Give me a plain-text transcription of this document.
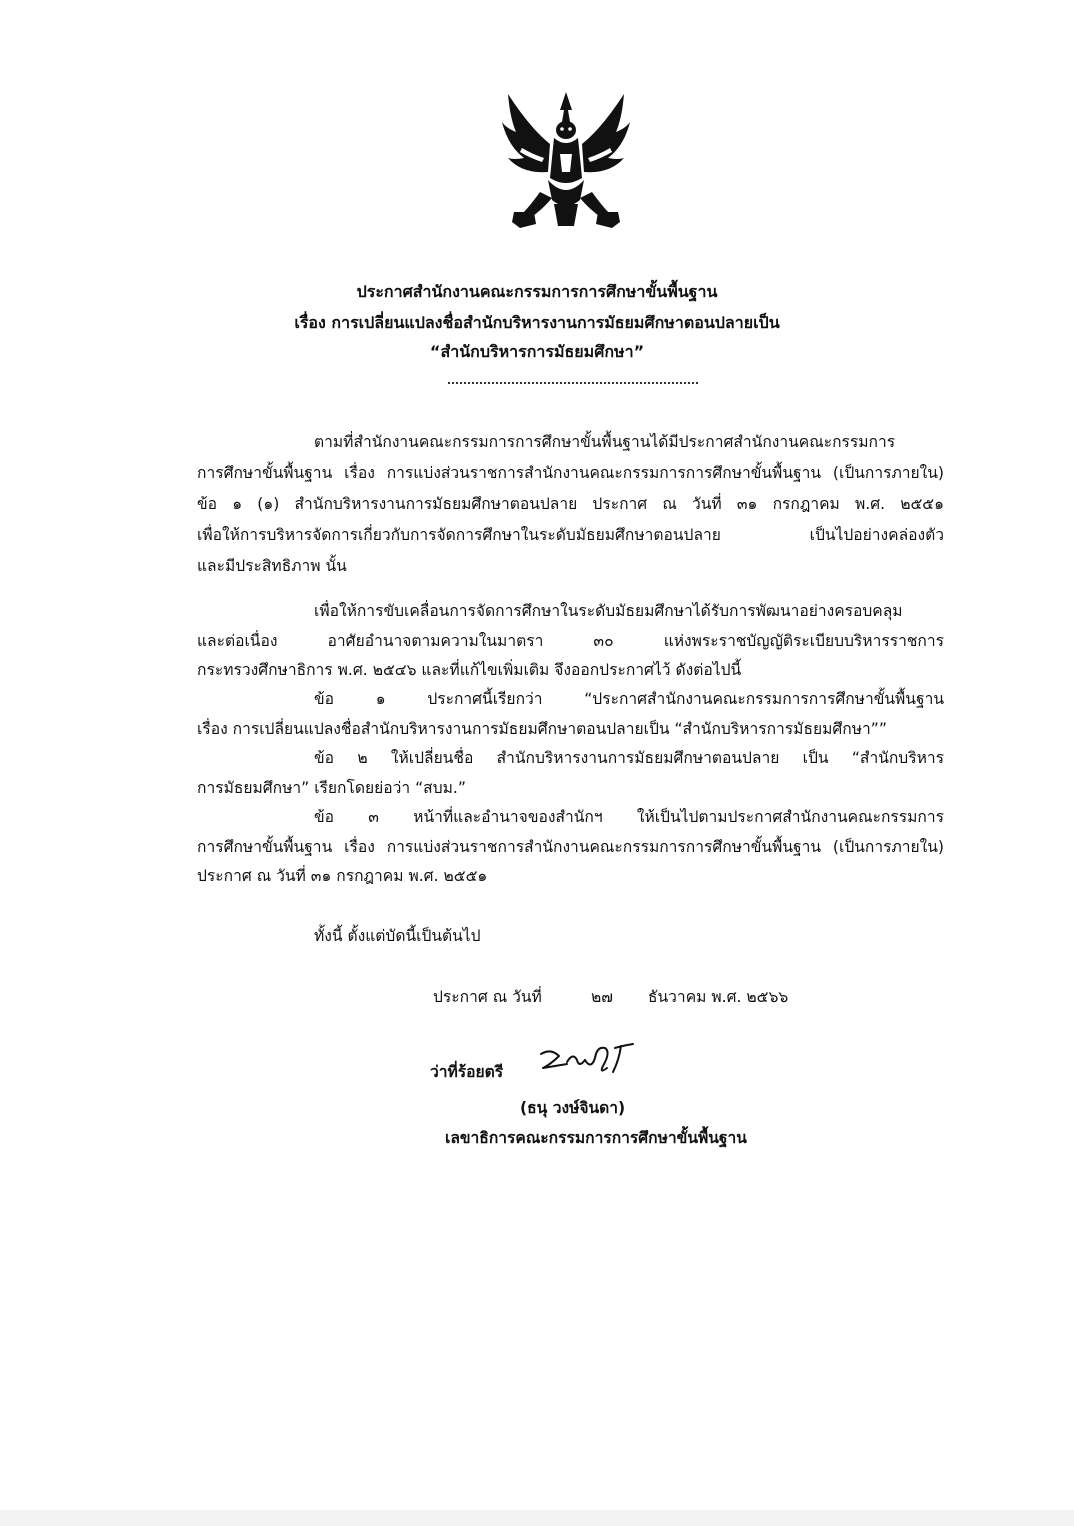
ประกาศสำนักงานคณะกรรมการการศึกษาขั้นพื้นฐาน
เรื่อง การเปลี่ยนแปลงชื่อสำนักบริหารงานการมัธยมศึกษาตอนปลายเป็น
“สำนักบริหารการมัธยมศึกษา”
ตามที่สำนักงานคณะกรรมการการศึกษาขั้นพื้นฐานได้มีประกาศสำนักงานคณะกรรมการ
การศึกษาขั้นพื้นฐาน เรื่อง การแบ่งส่วนราชการสำนักงานคณะกรรมการการศึกษาขั้นพื้นฐาน (เป็นการภายใน)
ข้อ ๑ (๑) สำนักบริหารงานการมัธยมศึกษาตอนปลาย ประกาศ ณ วันที่ ๓๑ กรกฎาคม พ.ศ. ๒๕๕๑
เพื่อให้การบริหารจัดการเกี่ยวกับการจัดการศึกษาในระดับมัธยมศึกษาตอนปลาย เป็นไปอย่างคล่องตัว
และมีประสิทธิภาพ นั้น
เพื่อให้การขับเคลื่อนการจัดการศึกษาในระดับมัธยมศึกษาได้รับการพัฒนาอย่างครอบคลุม
และต่อเนื่อง อาศัยอำนาจตามความในมาตรา ๓๐ แห่งพระราชบัญญัติระเบียบบริหารราชการ
กระทรวงศึกษาธิการ พ.ศ. ๒๕๔๖ และที่แก้ไขเพิ่มเติม จึงออกประกาศไว้ ดังต่อไปนี้
ข้อ ๑ ประกาศนี้เรียกว่า “ประกาศสำนักงานคณะกรรมการการศึกษาขั้นพื้นฐาน
เรื่อง การเปลี่ยนแปลงชื่อสำนักบริหารงานการมัธยมศึกษาตอนปลายเป็น “สำนักบริหารการมัธยมศึกษา””
ข้อ ๒ ให้เปลี่ยนชื่อ สำนักบริหารงานการมัธยมศึกษาตอนปลาย เป็น “สำนักบริหาร
การมัธยมศึกษา” เรียกโดยย่อว่า “สบม.”
ข้อ ๓ หน้าที่และอำนาจของสำนักฯ ให้เป็นไปตามประกาศสำนักงานคณะกรรมการ
การศึกษาขั้นพื้นฐาน เรื่อง การแบ่งส่วนราชการสำนักงานคณะกรรมการการศึกษาขั้นพื้นฐาน (เป็นการภายใน)
ประกาศ ณ วันที่ ๓๑ กรกฎาคม พ.ศ. ๒๕๕๑
ทั้งนี้ ตั้งแต่บัดนี้เป็นต้นไป
ประกาศ ณ วันที่	๒๗ ธันวาคม พ.ศ. ๒๕๖๖
ว่าที่ร้อยตรี
(ธนุ วงษ์จินดา)
เลขาธิการคณะกรรมการการศึกษาขั้นพื้นฐาน
